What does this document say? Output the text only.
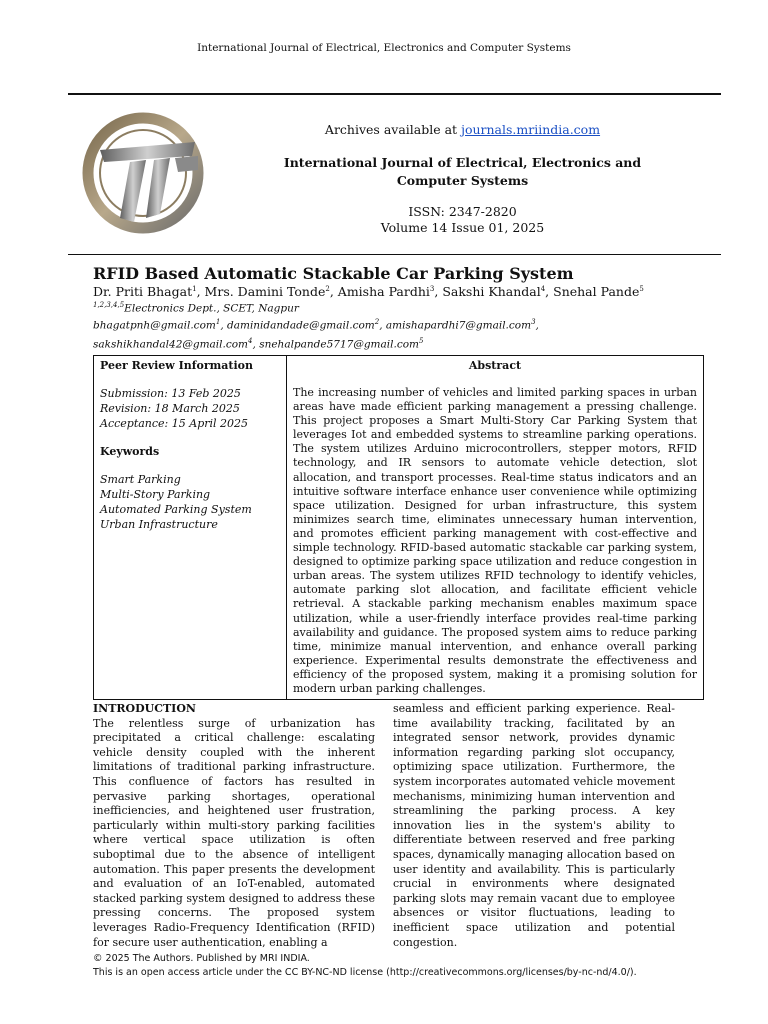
International Journal of Electrical, Electronics and Computer Systems
Archives available at journals.mriindia.com
International Journal of Electrical, Electronics and Computer Systems
ISSN: 2347-2820
Volume 14 Issue 01, 2025
RFID Based Automatic Stackable Car Parking System
Dr. Priti Bhagat$^1$, Mrs. Damini Tonde$^2$, Amisha Pardhi$^3$, Sakshi Khandal$^4$, Snehal Pande$^5$
$^{1,2,3,4,5}$Electronics Dept., SCET, Nagpur
bhagatpnh@gmail.com$^1$, daminidandade@gmail.com$^2$, amishapardhi7@gmail.com$^3$,
sakshikhandal42@gmail.com$^4$, snehalpande5717@gmail.com$^5$
Peer Review Information
Submission: 13 Feb 2025
Revision: 18 March 2025
Acceptance: 15 April 2025
Keywords
Smart Parking
Multi-Story Parking
Automated Parking System
Urban Infrastructure

Abstract
The increasing number of vehicles and limited parking spaces in urban areas have made efficient parking management a pressing challenge. This project proposes a Smart Multi-Story Car Parking System that leverages Iot and embedded systems to streamline parking operations. The system utilizes Arduino microcontrollers, stepper motors, RFID technology, and IR sensors to automate vehicle detection, slot allocation, and transport processes. Real-time status indicators and an intuitive software interface enhance user convenience while optimizing space utilization. Designed for urban infrastructure, this system minimizes search time, eliminates unnecessary human intervention, and promotes efficient parking management with cost-effective and simple technology. RFID-based automatic stackable car parking system, designed to optimize parking space utilization and reduce congestion in urban areas. The system utilizes RFID technology to identify vehicles, automate parking slot allocation, and facilitate efficient vehicle retrieval. A stackable parking mechanism enables maximum space utilization, while a user-friendly interface provides real-time parking availability and guidance. The proposed system aims to reduce parking time, minimize manual intervention, and enhance overall parking experience. Experimental results demonstrate the effectiveness and efficiency of the proposed system, making it a promising solution for modern urban parking challenges.
INTRODUCTION
The relentless surge of urbanization has precipitated a critical challenge: escalating vehicle density coupled with the inherent limitations of traditional parking infrastructure. This confluence of factors has resulted in pervasive parking shortages, operational inefficiencies, and heightened user frustration, particularly within multi-story parking facilities where vertical space utilization is often suboptimal due to the absence of intelligent automation. This paper presents the development and evaluation of an IoT-enabled, automated stacked parking system designed to address these pressing concerns. The proposed system leverages Radio-Frequency Identification (RFID) for secure user authentication, enabling a
seamless and efficient parking experience. Real-time availability tracking, facilitated by an integrated sensor network, provides dynamic information regarding parking slot occupancy, optimizing space utilization. Furthermore, the system incorporates automated vehicle movement mechanisms, minimizing human intervention and streamlining the parking process. A key innovation lies in the system's ability to differentiate between reserved and free parking spaces, dynamically managing allocation based on user identity and availability. This is particularly crucial in environments where designated parking slots may remain vacant due to employee absences or visitor fluctuations, leading to inefficient space utilization and potential congestion.
© 2025 The Authors. Published by MRI INDIA.
This is an open access article under the CC BY-NC-ND license (http://creativecommons.org/licenses/by-nc-nd/4.0/).
